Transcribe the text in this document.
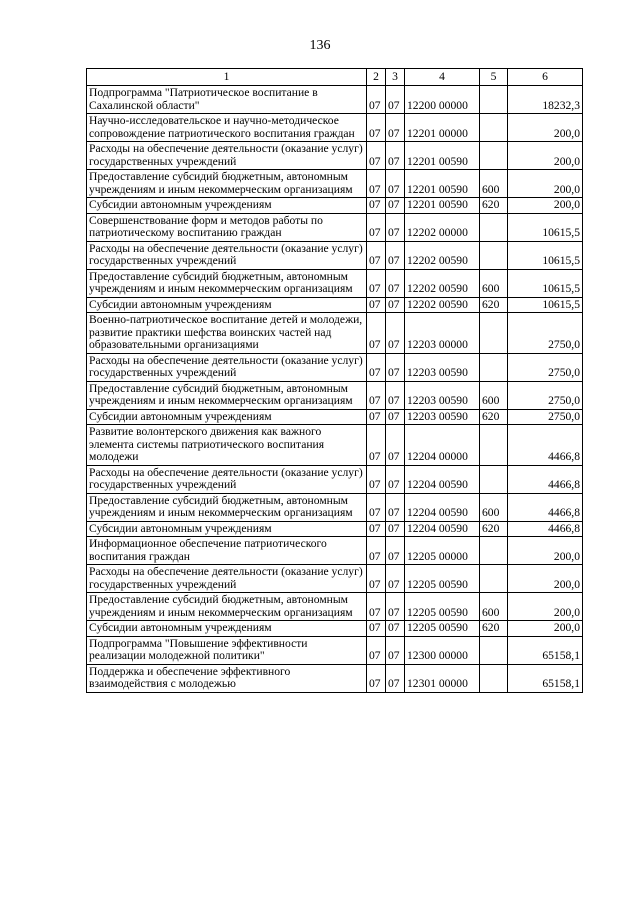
136
1	2	3	4	5	6
Подпрограмма "Патриотическое воспитание в Сахалинской области"	07	07	12200 00000		18232,3
Научно-исследовательское и научно-методическое сопровождение патриотического воспитания граждан	07	07	12201 00000		200,0
Расходы на обеспечение деятельности (оказание услуг) государственных учреждений	07	07	12201 00590		200,0
Предоставление субсидий бюджетным, автономным учреждениям и иным некоммерческим организациям	07	07	12201 00590	600	200,0
Субсидии автономным учреждениям	07	07	12201 00590	620	200,0
Совершенствование форм и методов работы по патриотическому воспитанию граждан	07	07	12202 00000		10615,5
Расходы на обеспечение деятельности (оказание услуг) государственных учреждений	07	07	12202 00590		10615,5
Предоставление субсидий бюджетным, автономным учреждениям и иным некоммерческим организациям	07	07	12202 00590	600	10615,5
Субсидии автономным учреждениям	07	07	12202 00590	620	10615,5
Военно-патриотическое воспитание детей и молодежи, развитие практики шефства воинских частей над образовательными организациями	07	07	12203 00000		2750,0
Расходы на обеспечение деятельности (оказание услуг) государственных учреждений	07	07	12203 00590		2750,0
Предоставление субсидий бюджетным, автономным учреждениям и иным некоммерческим организациям	07	07	12203 00590	600	2750,0
Субсидии автономным учреждениям	07	07	12203 00590	620	2750,0
Развитие волонтерского движения как важного элемента системы патриотического воспитания молодежи	07	07	12204 00000		4466,8
Расходы на обеспечение деятельности (оказание услуг) государственных учреждений	07	07	12204 00590		4466,8
Предоставление субсидий бюджетным, автономным учреждениям и иным некоммерческим организациям	07	07	12204 00590	600	4466,8
Субсидии автономным учреждениям	07	07	12204 00590	620	4466,8
Информационное обеспечение патриотического воспитания граждан	07	07	12205 00000		200,0
Расходы на обеспечение деятельности (оказание услуг) государственных учреждений	07	07	12205 00590		200,0
Предоставление субсидий бюджетным, автономным учреждениям и иным некоммерческим организациям	07	07	12205 00590	600	200,0
Субсидии автономным учреждениям	07	07	12205 00590	620	200,0
Подпрограмма "Повышение эффективности реализации молодежной политики"	07	07	12300 00000		65158,1
Поддержка и обеспечение эффективного взаимодействия с молодежью	07	07	12301 00000		65158,1
